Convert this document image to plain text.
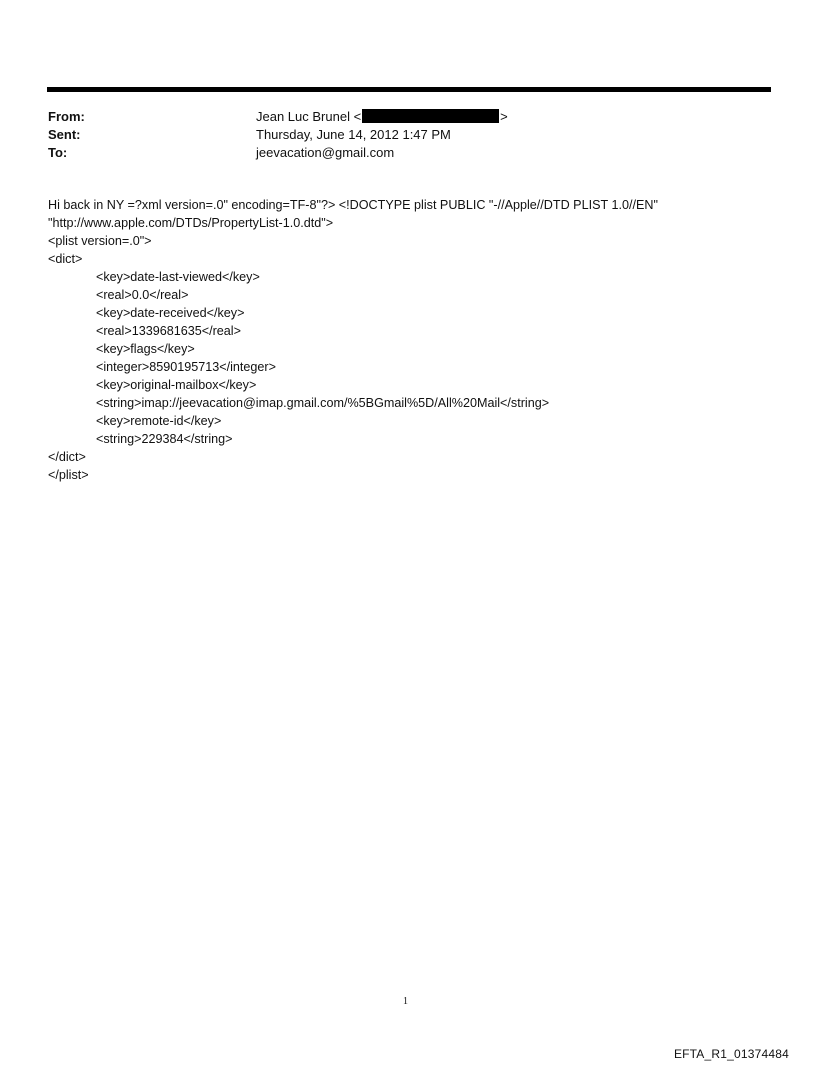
From:	Jean Luc Brunel <	>
Sent:	Thursday, June 14, 2012 1:47 PM
To:	jeevacation@gmail.com
Hi back in NY =?xml version=.0" encoding=TF-8"?> <!DOCTYPE plist PUBLIC "-//Apple//DTD PLIST 1.0//EN"
"http://www.apple.com/DTDs/PropertyList-1.0.dtd">
<plist version=.0">
<dict>
<key>date-last-viewed</key>
<real>0.0</real>
<key>date-received</key>
<real>1339681635</real>
<key>flags</key>
<integer>8590195713</integer>
<key>original-mailbox</key>
<string>imap://jeevacation@imap.gmail.com/%5BGmail%5D/All%20Mail</string>
<key>remote-id</key>
<string>229384</string>
</dict>
</plist>
1
EFTA_R1_01374484
